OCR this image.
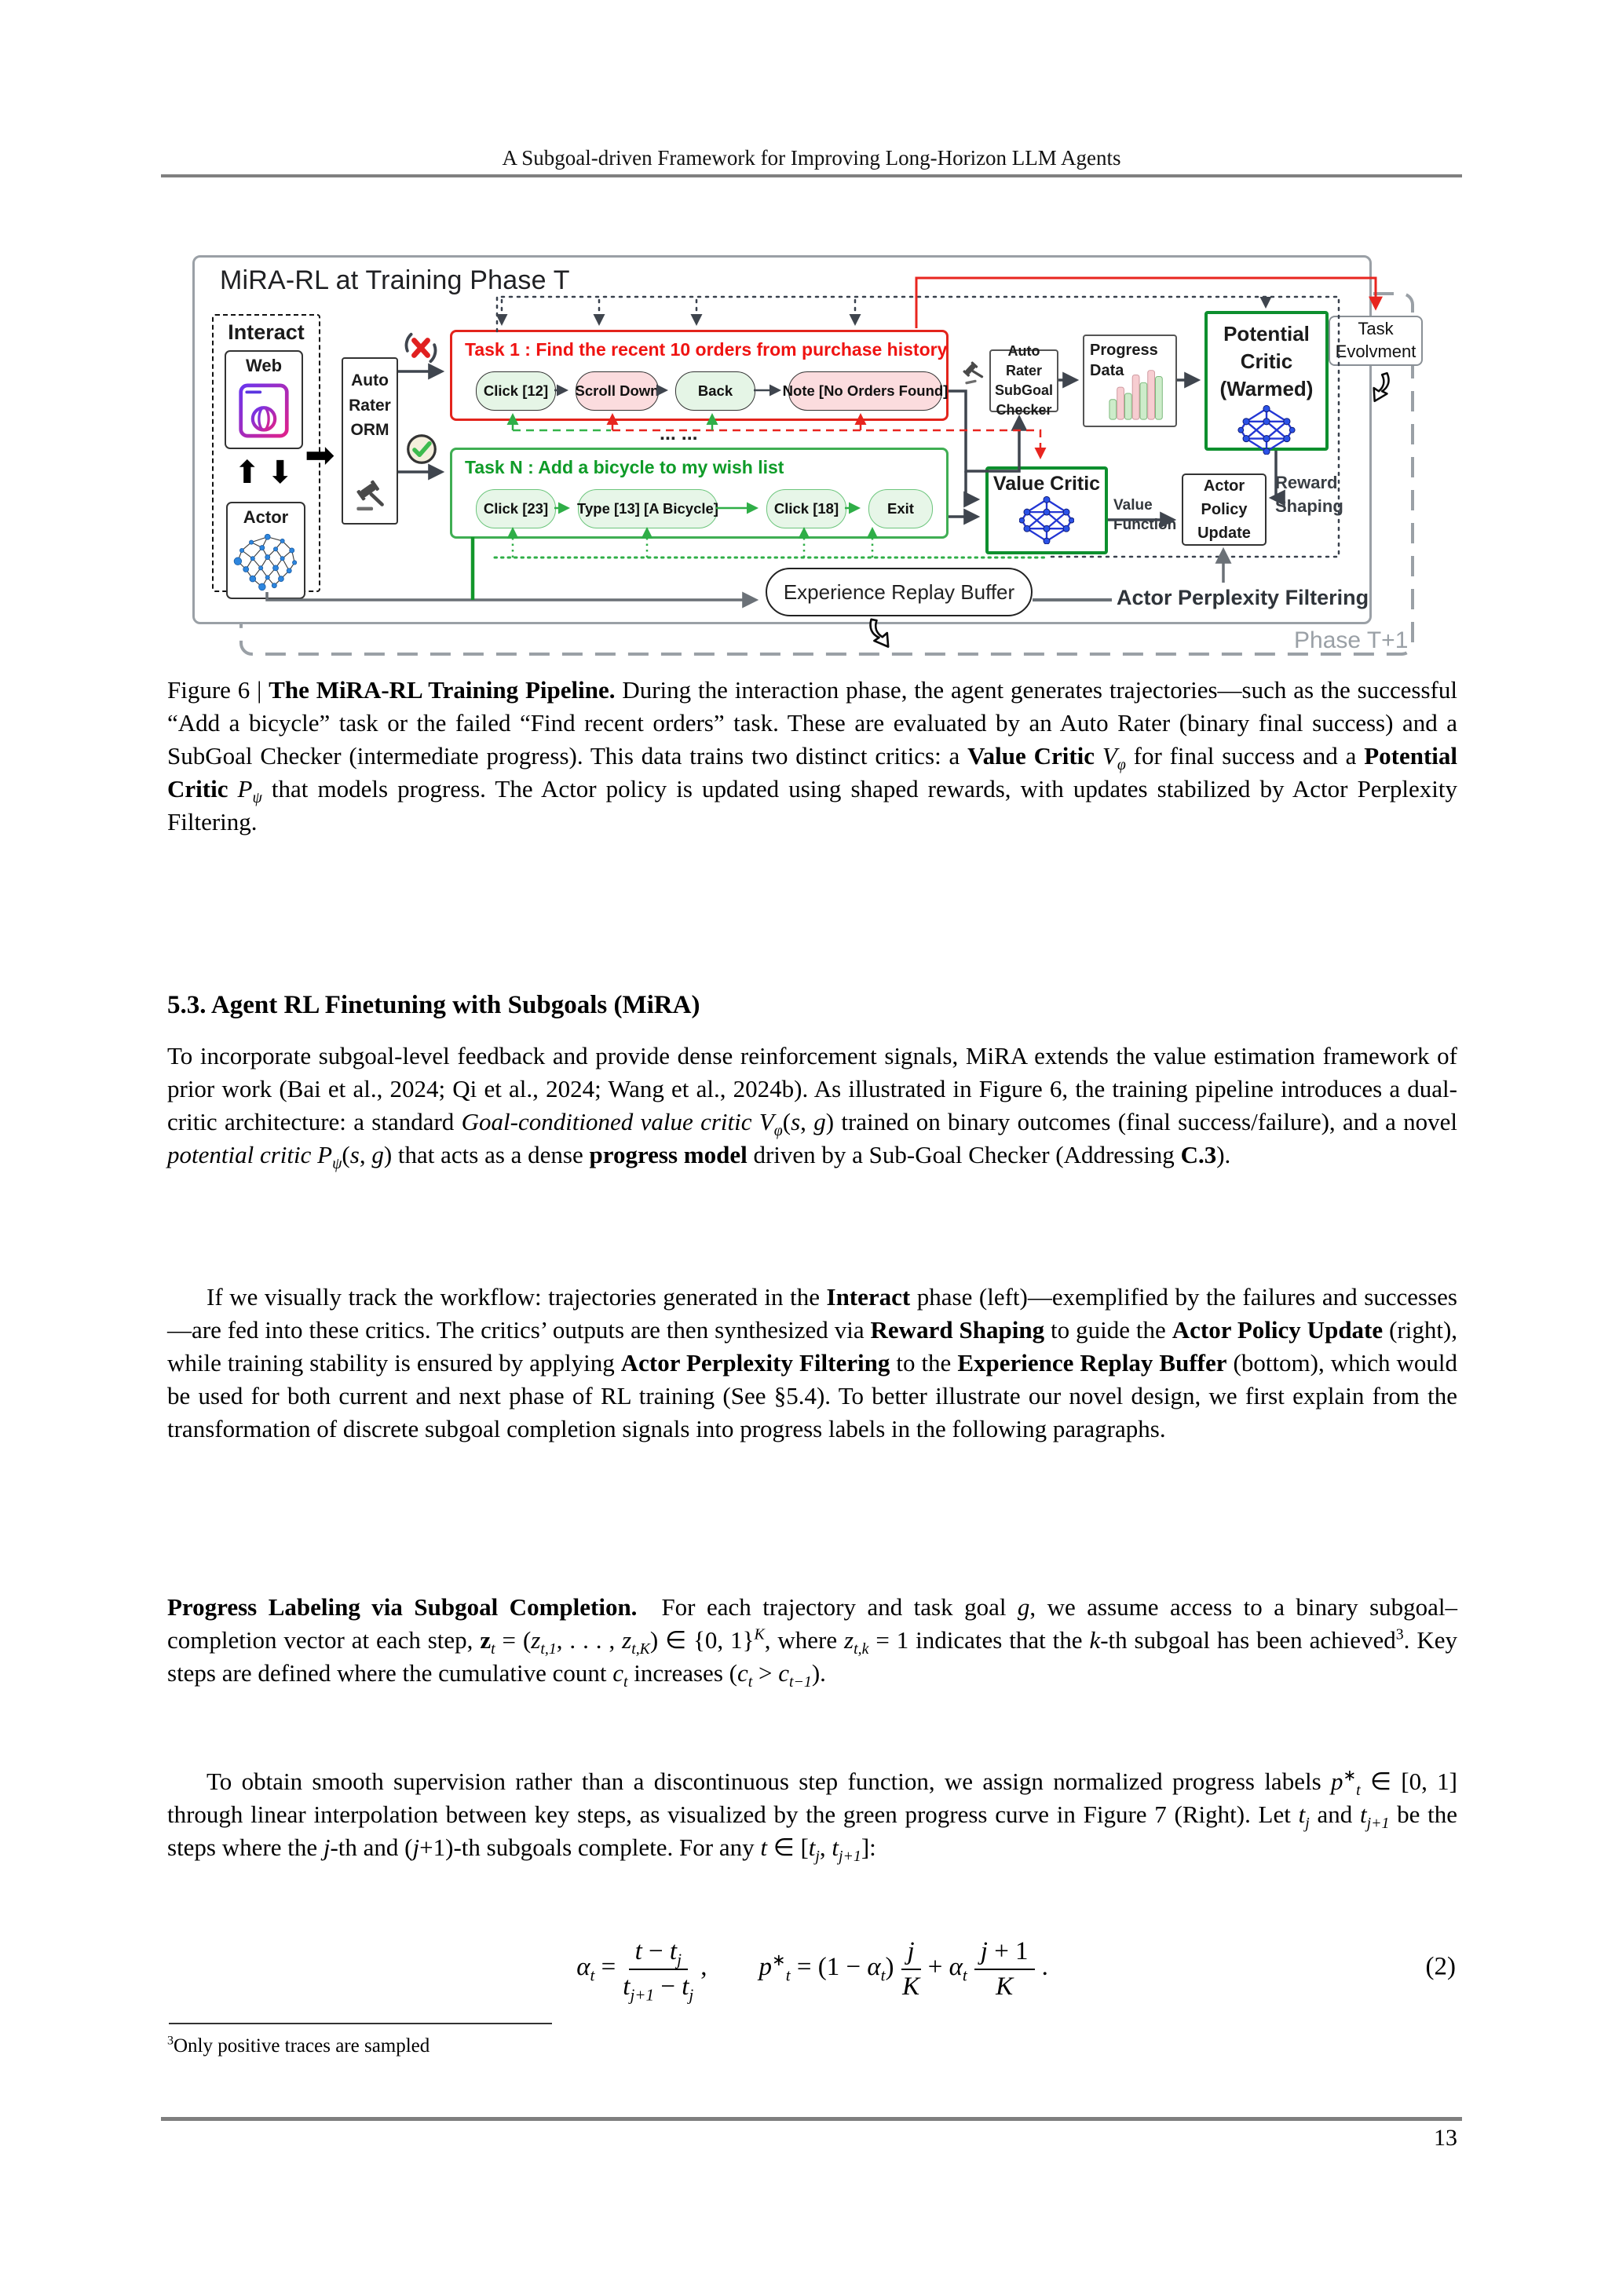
A Subgoal-driven Framework for Improving Long-Horizon LLM Agents
MiRA-RL at Training Phase T
Interact
Web
⬆ ⬇
Actor
➡
Auto Rater ORM
Task 1 : Find the recent 10 orders from purchase history
Click [12]	Scroll Down	Back	Note [No Orders Found]
... ...
Task N : Add a bicycle to my wish list
Click [23]	Type [13] [A Bicycle]	Click [18]	Exit
Auto Rater SubGoal Checker
Progress Data
Potential Critic (Warmed)
Task Evolvment
Value Critic
Value Function
Actor Policy Update
Reward Shaping
Experience Replay Buffer	Actor Perplexity Filtering
Phase T+1

Figure 6 | The MiRA-RL Training Pipeline. During the interaction phase, the agent generates trajectories—such as the successful “Add a bicycle” task or the failed “Find recent orders” task. These are evaluated by an Auto Rater (binary final success) and a SubGoal Checker (intermediate progress). This data trains two distinct critics: a Value Critic $V_\varphi$ for final success and a Potential Critic $P_\psi$ that models progress. The Actor policy is updated using shaped rewards, with updates stabilized by Actor Perplexity Filtering.

5.3. Agent RL Finetuning with Subgoals (MiRA)

To incorporate subgoal-level feedback and provide dense reinforcement signals, MiRA extends the value estimation framework of prior work (Bai et al., 2024; Qi et al., 2024; Wang et al., 2024b). As illustrated in Figure 6, the training pipeline introduces a dual-critic architecture: a standard Goal-conditioned value critic $V_\varphi(s$, g) trained on binary outcomes (final success/failure), and a novel potential critic $P_\psi(s$, g) that acts as a dense progress model driven by a Sub-Goal Checker (Addressing C.3).

If we visually track the workflow: trajectories generated in the Interact phase (left)—exemplified by the failures and successes—are fed into these critics. The critics’ outputs are then synthesized via Reward Shaping to guide the Actor Policy Update (right), while training stability is ensured by applying Actor Perplexity Filtering to the Experience Replay Buffer (bottom), which would be used for both current and next phase of RL training (See §5.4). To better illustrate our novel design, we first explain from the transformation of discrete subgoal completion signals into progress labels in the following paragraphs.

Progress Labeling via Subgoal Completion.  For each trajectory and task goal g, we assume access to a binary subgoal–completion vector at each step, $z_t = (z_{t,1}$, . . . , $z_{t,K}$) ∈ {0, 1}$^K$, where $z_{t,k} = 1$ indicates that the k-th subgoal has been achieved$^3$. Key steps are defined where the cumulative count $c_t$ increases $(c_t > c_{t-1})$.

To obtain smooth supervision rather than a discontinuous step function, we assign normalized progress labels $p^∗_t$ ∈ [0, 1] through linear interpolation between key steps, as visualized by the green progress curve in Figure 7 (Right). Let $t_j$ and $t_{j+1}$ be the steps where the j-th and (j+1)-th subgoals complete. For any t ∈ [$t_j$, $t_{j+1}$]:

$\alpha_t = \frac{t - t_j}{t_{j+1} - t_j}$ ,  $p^∗_t = (1 - \alpha_t) \frac{j}{K} + \alpha_t \frac{j + 1}{K}$ .	(2)

$^3$Only positive traces are sampled

13
